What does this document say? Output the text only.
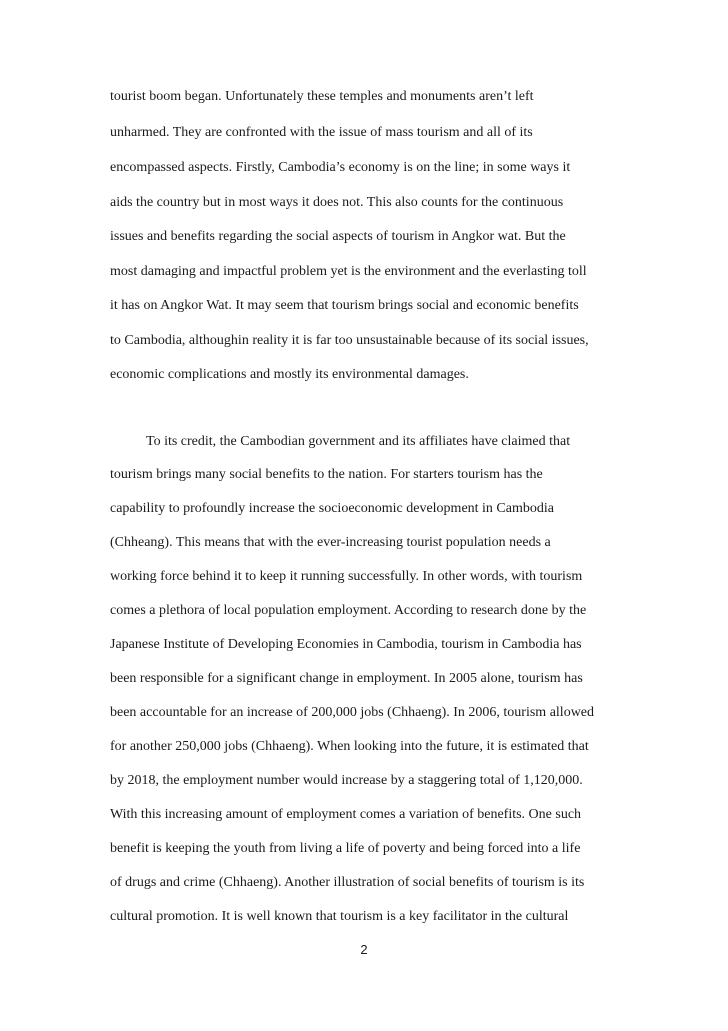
tourist boom began. Unfortunately these temples and monuments aren’t left

unharmed. They are confronted with the issue of mass tourism and all of its

encompassed aspects. Firstly, Cambodia’s economy is on the line; in some ways it

aids the country but in most ways it does not. This also counts for the continuous

issues and benefits regarding the social aspects of tourism in Angkor wat. But the

most damaging and impactful problem yet is the environment and the everlasting toll

it has on Angkor Wat. It may seem that tourism brings social and economic benefits

to Cambodia, althoughin reality it is far too unsustainable because of its social issues,

economic complications and mostly its environmental damages.

To its credit, the Cambodian government and its affiliates have claimed that

tourism brings many social benefits to the nation. For starters tourism has the

capability to profoundly increase the socioeconomic development in Cambodia

(Chheang). This means that with the ever-increasing tourist population needs a

working force behind it to keep it running successfully. In other words, with tourism

comes a plethora of local population employment. According to research done by the

Japanese Institute of Developing Economies in Cambodia, tourism in Cambodia has

been responsible for a significant change in employment. In 2005 alone, tourism has

been accountable for an increase of 200,000 jobs (Chhaeng). In 2006, tourism allowed

for another 250,000 jobs (Chhaeng). When looking into the future, it is estimated that

by 2018, the employment number would increase by a staggering total of 1,120,000.

With this increasing amount of employment comes a variation of benefits. One such

benefit is keeping the youth from living a life of poverty and being forced into a life

of drugs and crime (Chhaeng). Another illustration of social benefits of tourism is its

cultural promotion. It is well known that tourism is a key facilitator in the cultural

2
